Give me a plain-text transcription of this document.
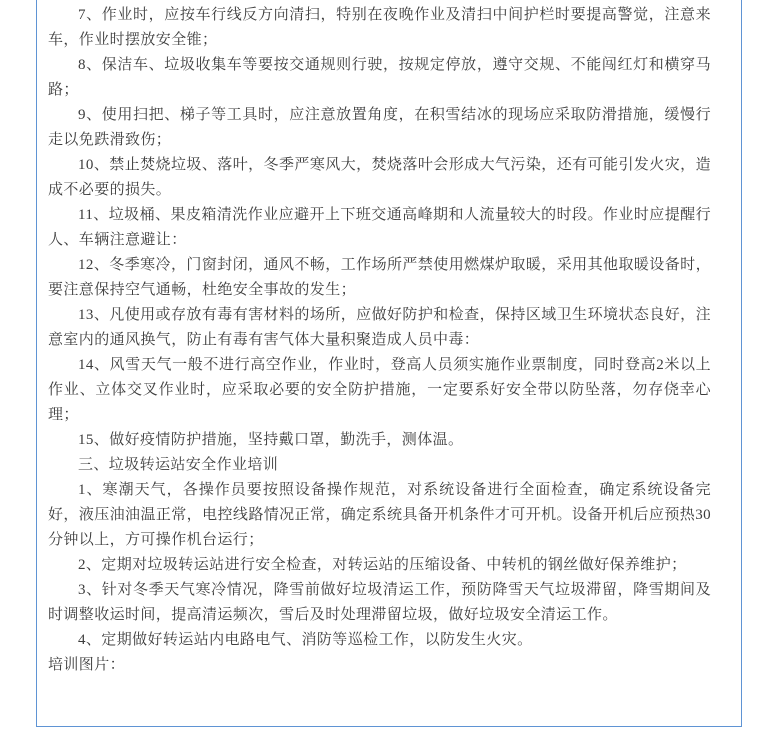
7、作业时，应按车行线反方向清扫，特别在夜晚作业及清扫中间护栏时要提高警觉，注意来车，作业时摆放安全锥；

8、保洁车、垃圾收集车等要按交通规则行驶，按规定停放，遵守交规、不能闯红灯和横穿马路；

9、使用扫把、梯子等工具时，应注意放置角度，在积雪结冰的现场应采取防滑措施，缓慢行走以免跌滑致伤；

10、禁止焚烧垃圾、落叶，冬季严寒风大，焚烧落叶会形成大气污染，还有可能引发火灾，造成不必要的损失。

11、垃圾桶、果皮箱清洗作业应避开上下班交通高峰期和人流量较大的时段。作业时应提醒行人、车辆注意避让：

12、冬季寒冷，门窗封闭，通风不畅，工作场所严禁使用燃煤炉取暖，采用其他取暖设备时，要注意保持空气通畅，杜绝安全事故的发生；

13、凡使用或存放有毒有害材料的场所，应做好防护和检查，保持区域卫生环境状态良好，注意室内的通风换气，防止有毒有害气体大量积聚造成人员中毒：

14、风雪天气一般不进行高空作业，作业时，登高人员须实施作业票制度，同时登高2米以上作业、立体交叉作业时，应采取必要的安全防护措施，一定要系好安全带以防坠落，勿存侥幸心理；

15、做好疫情防护措施，坚持戴口罩，勤洗手，测体温。

三、垃圾转运站安全作业培训

1、寒潮天气，各操作员要按照设备操作规范，对系统设备进行全面检查，确定系统设备完好，液压油油温正常，电控线路情况正常，确定系统具备开机条件才可开机。设备开机后应预热30分钟以上，方可操作机台运行；

2、定期对垃圾转运站进行安全检查，对转运站的压缩设备、中转机的钢丝做好保养维护；

3、针对冬季天气寒冷情况，降雪前做好垃圾清运工作，预防降雪天气垃圾滞留，降雪期间及时调整收运时间，提高清运频次，雪后及时处理滞留垃圾，做好垃圾安全清运工作。

4、定期做好转运站内电路电气、消防等巡检工作，以防发生火灾。

培训图片：
